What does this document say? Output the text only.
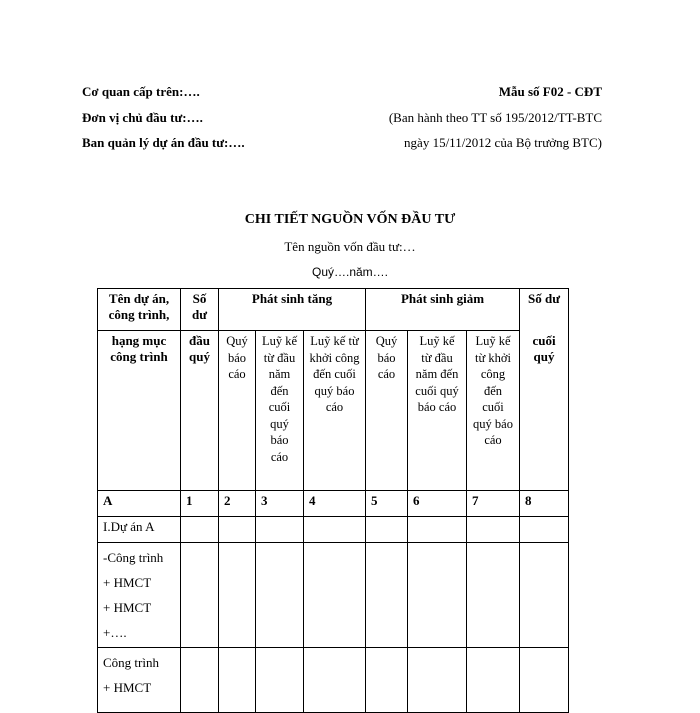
Cơ quan cấp trên:….
Đơn vị chủ đầu tư:….
Ban quản lý dự án đầu tư:….
Mẫu số F02 - CĐT
(Ban hành theo TT số 195/2012/TT-BTC
ngày 15/11/2012 của Bộ trưởng BTC)
CHI TIẾT NGUỒN VỐN ĐẦU TƯ
Tên nguồn vốn đầu tư:…
Quý….năm….
Tên dự án, công trình,	Số dư	Phát sinh tăng			Phát sinh giảm			Số dư
hạng mục công trình	đầu quý	Quý báo cáo	Luỹ kế từ đầu năm đến cuối quý báo cáo	Luỹ kế từ khởi công đến cuối quý báo cáo	Quý báo cáo	Luỹ kế từ đầu năm đến cuối quý báo cáo	Luỹ kế từ khởi công đến cuối quý báo cáo	cuối quý
A	1	2	3	4	5	6	7	8

I.Dự án A								

-Công trình
+ HMCT
+ HMCT
+….								

Công trình
+ HMCT								
